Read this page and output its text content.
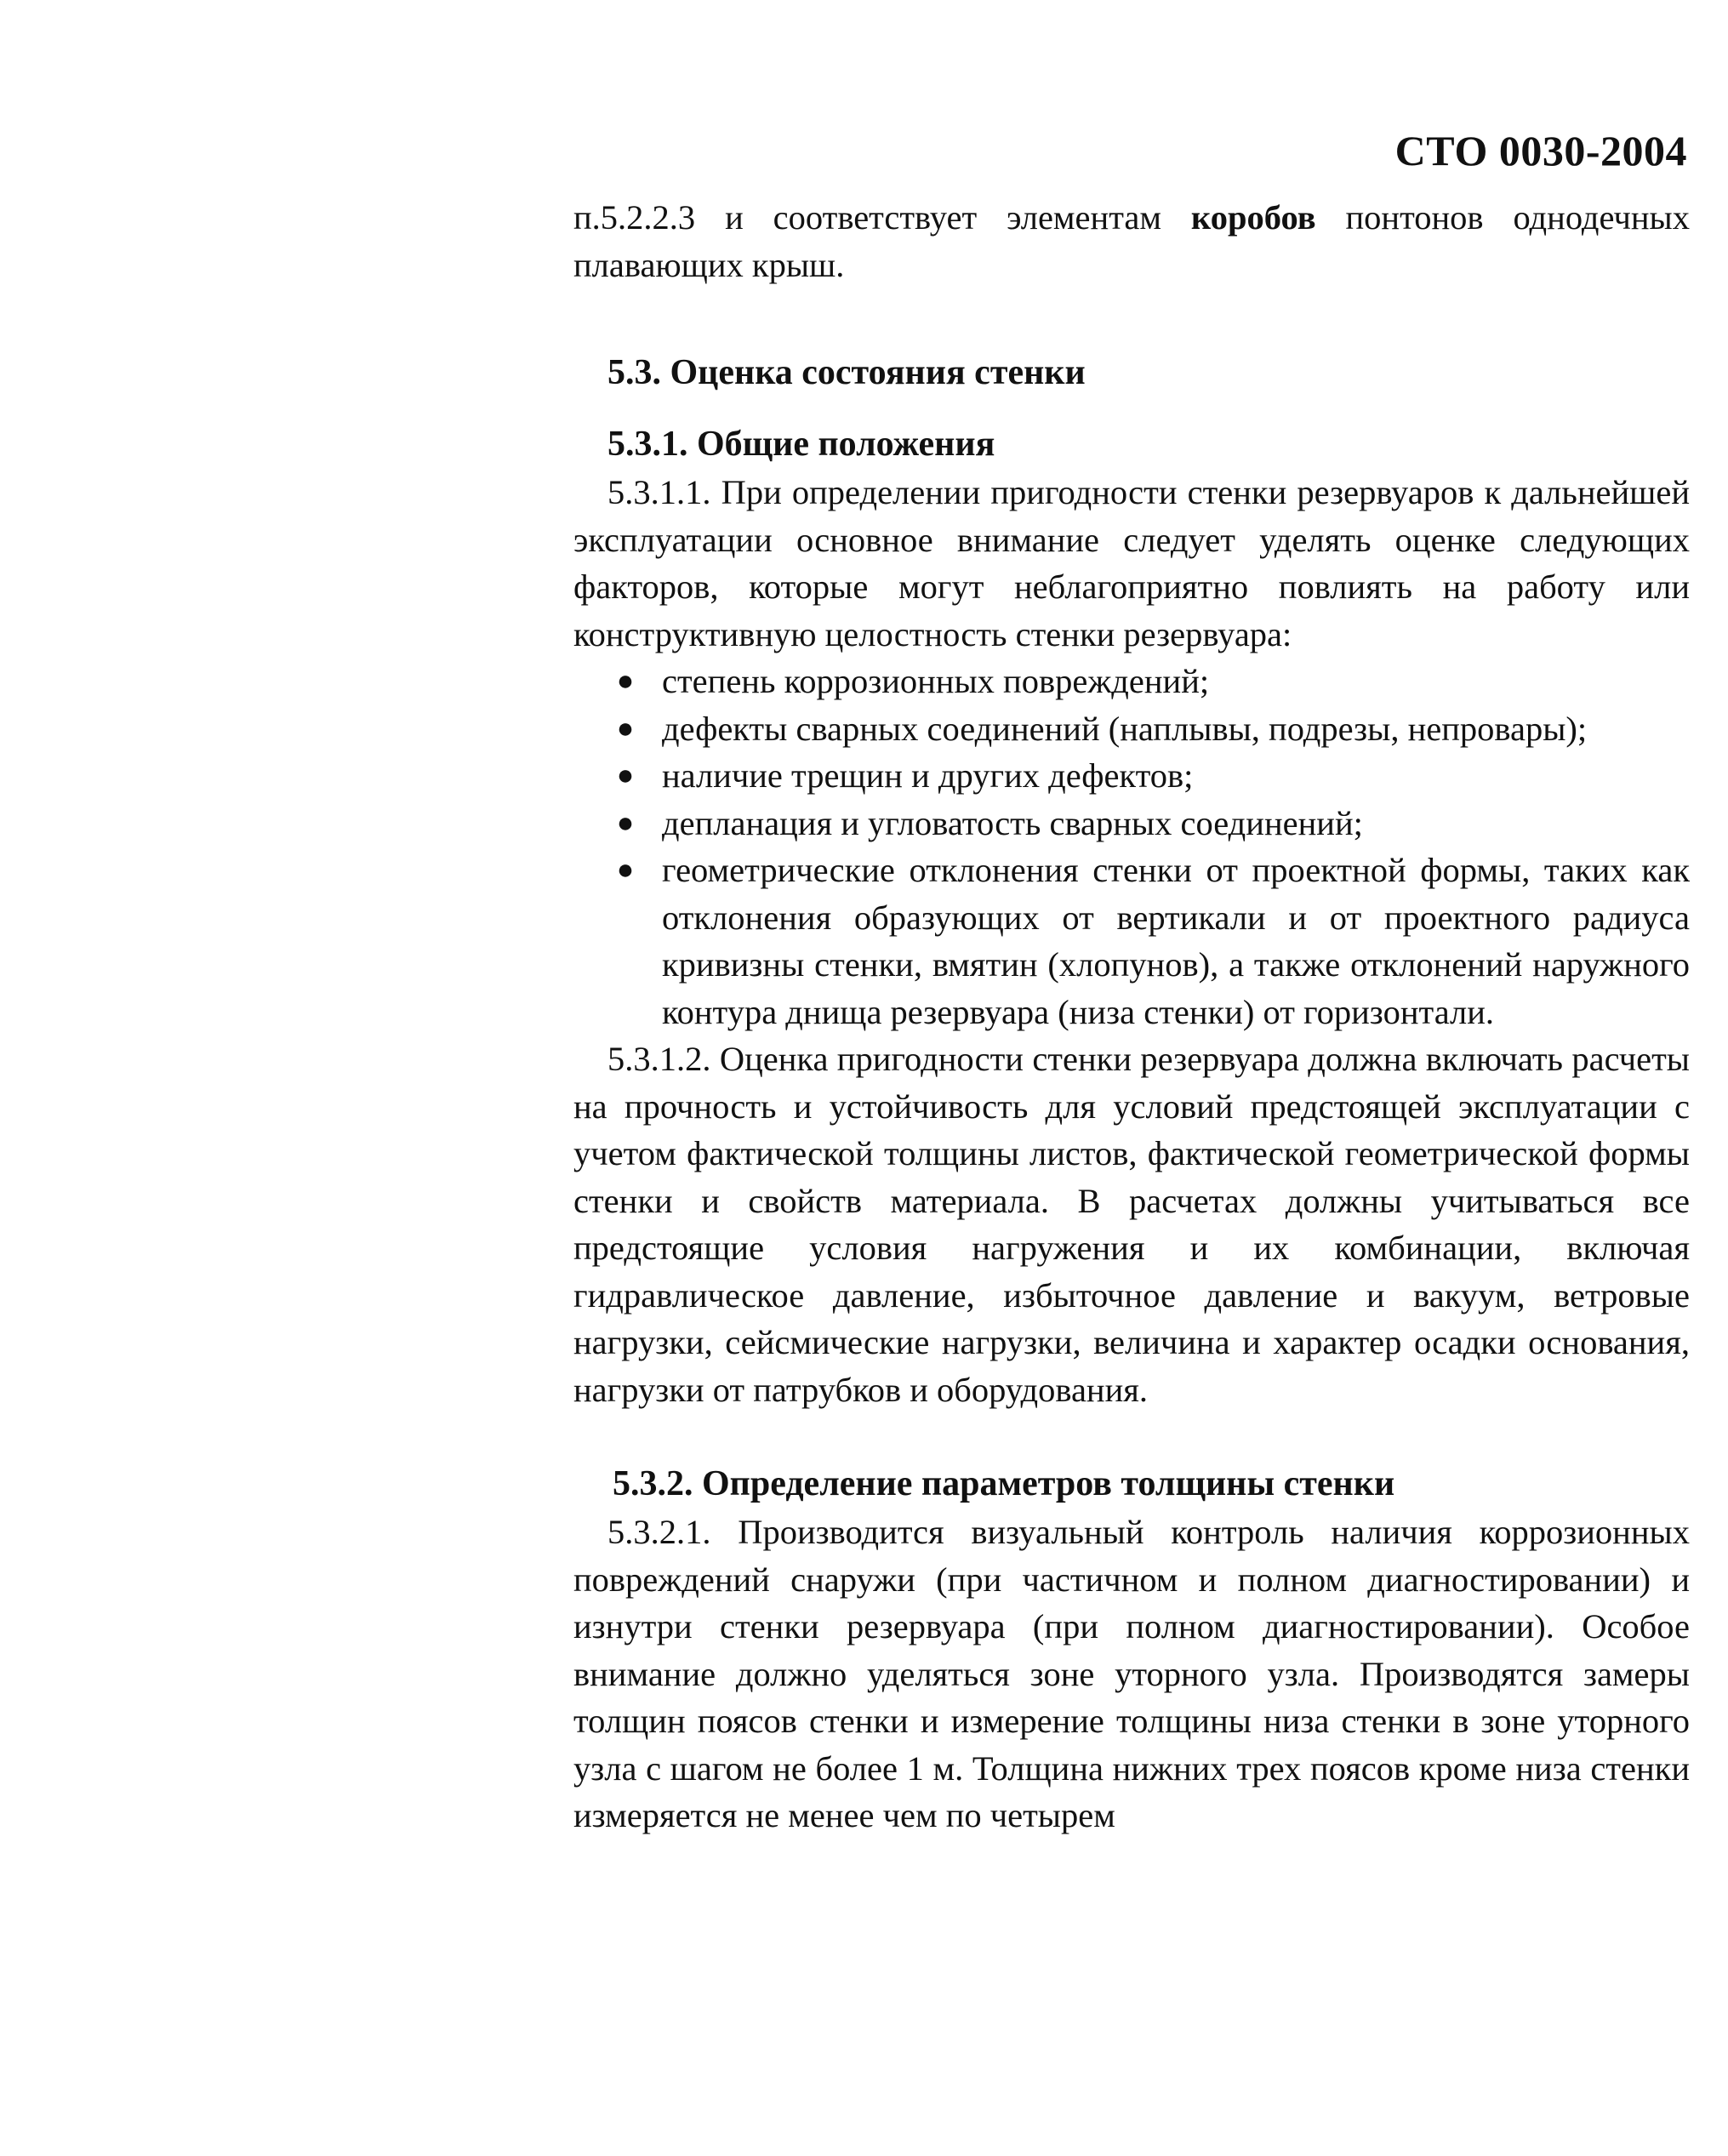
СТО 0030-2004

п.5.2.2.3 и соответствует элементам коробов понтонов однодечных плавающих крыш.

5.3. Оценка состояния стенки
5.3.1. Общие положения

5.3.1.1. При определении пригодности стенки резервуаров к дальнейшей эксплуатации основное внимание следует уделять оценке следующих факторов, которые могут неблагоприятно повлиять на работу или конструктивную целостность стенки резервуара:

● степень коррозионных повреждений;
● дефекты сварных соединений (наплывы, подрезы, непровары);
● наличие трещин и других дефектов;
● депланация и угловатость сварных соединений;
● геометрические отклонения стенки от проектной формы, таких как отклонения образующих от вертикали и от проектного радиуса кривизны стенки, вмятин (хлопунов), а также отклонений наружного контура днища резервуара (низа стенки) от горизонтали.

5.3.1.2. Оценка пригодности стенки резервуара должна включать расчеты на прочность и устойчивость для условий предстоящей эксплуатации с учетом фактической толщины листов, фактической геометрической формы стенки и свойств материала. В расчетах должны учитываться все предстоящие условия нагружения и их комбинации, включая гидравлическое давление, избыточное давление и вакуум, ветровые нагрузки, сейсмические нагрузки, величина и характер осадки основания, нагрузки от патрубков и оборудования.

5.3.2. Определение параметров толщины стенки

5.3.2.1. Производится визуальный контроль наличия коррозионных повреждений снаружи (при частичном и полном диагностировании) и изнутри стенки резервуара (при полном диагностировании). Особое внимание должно уделяться зоне уторного узла. Производятся замеры толщин поясов стенки и измерение толщины низа стенки в зоне уторного узла с шагом не более 1 м. Толщина нижних трех поясов кроме низа стенки измеряется не менее чем по четырем
